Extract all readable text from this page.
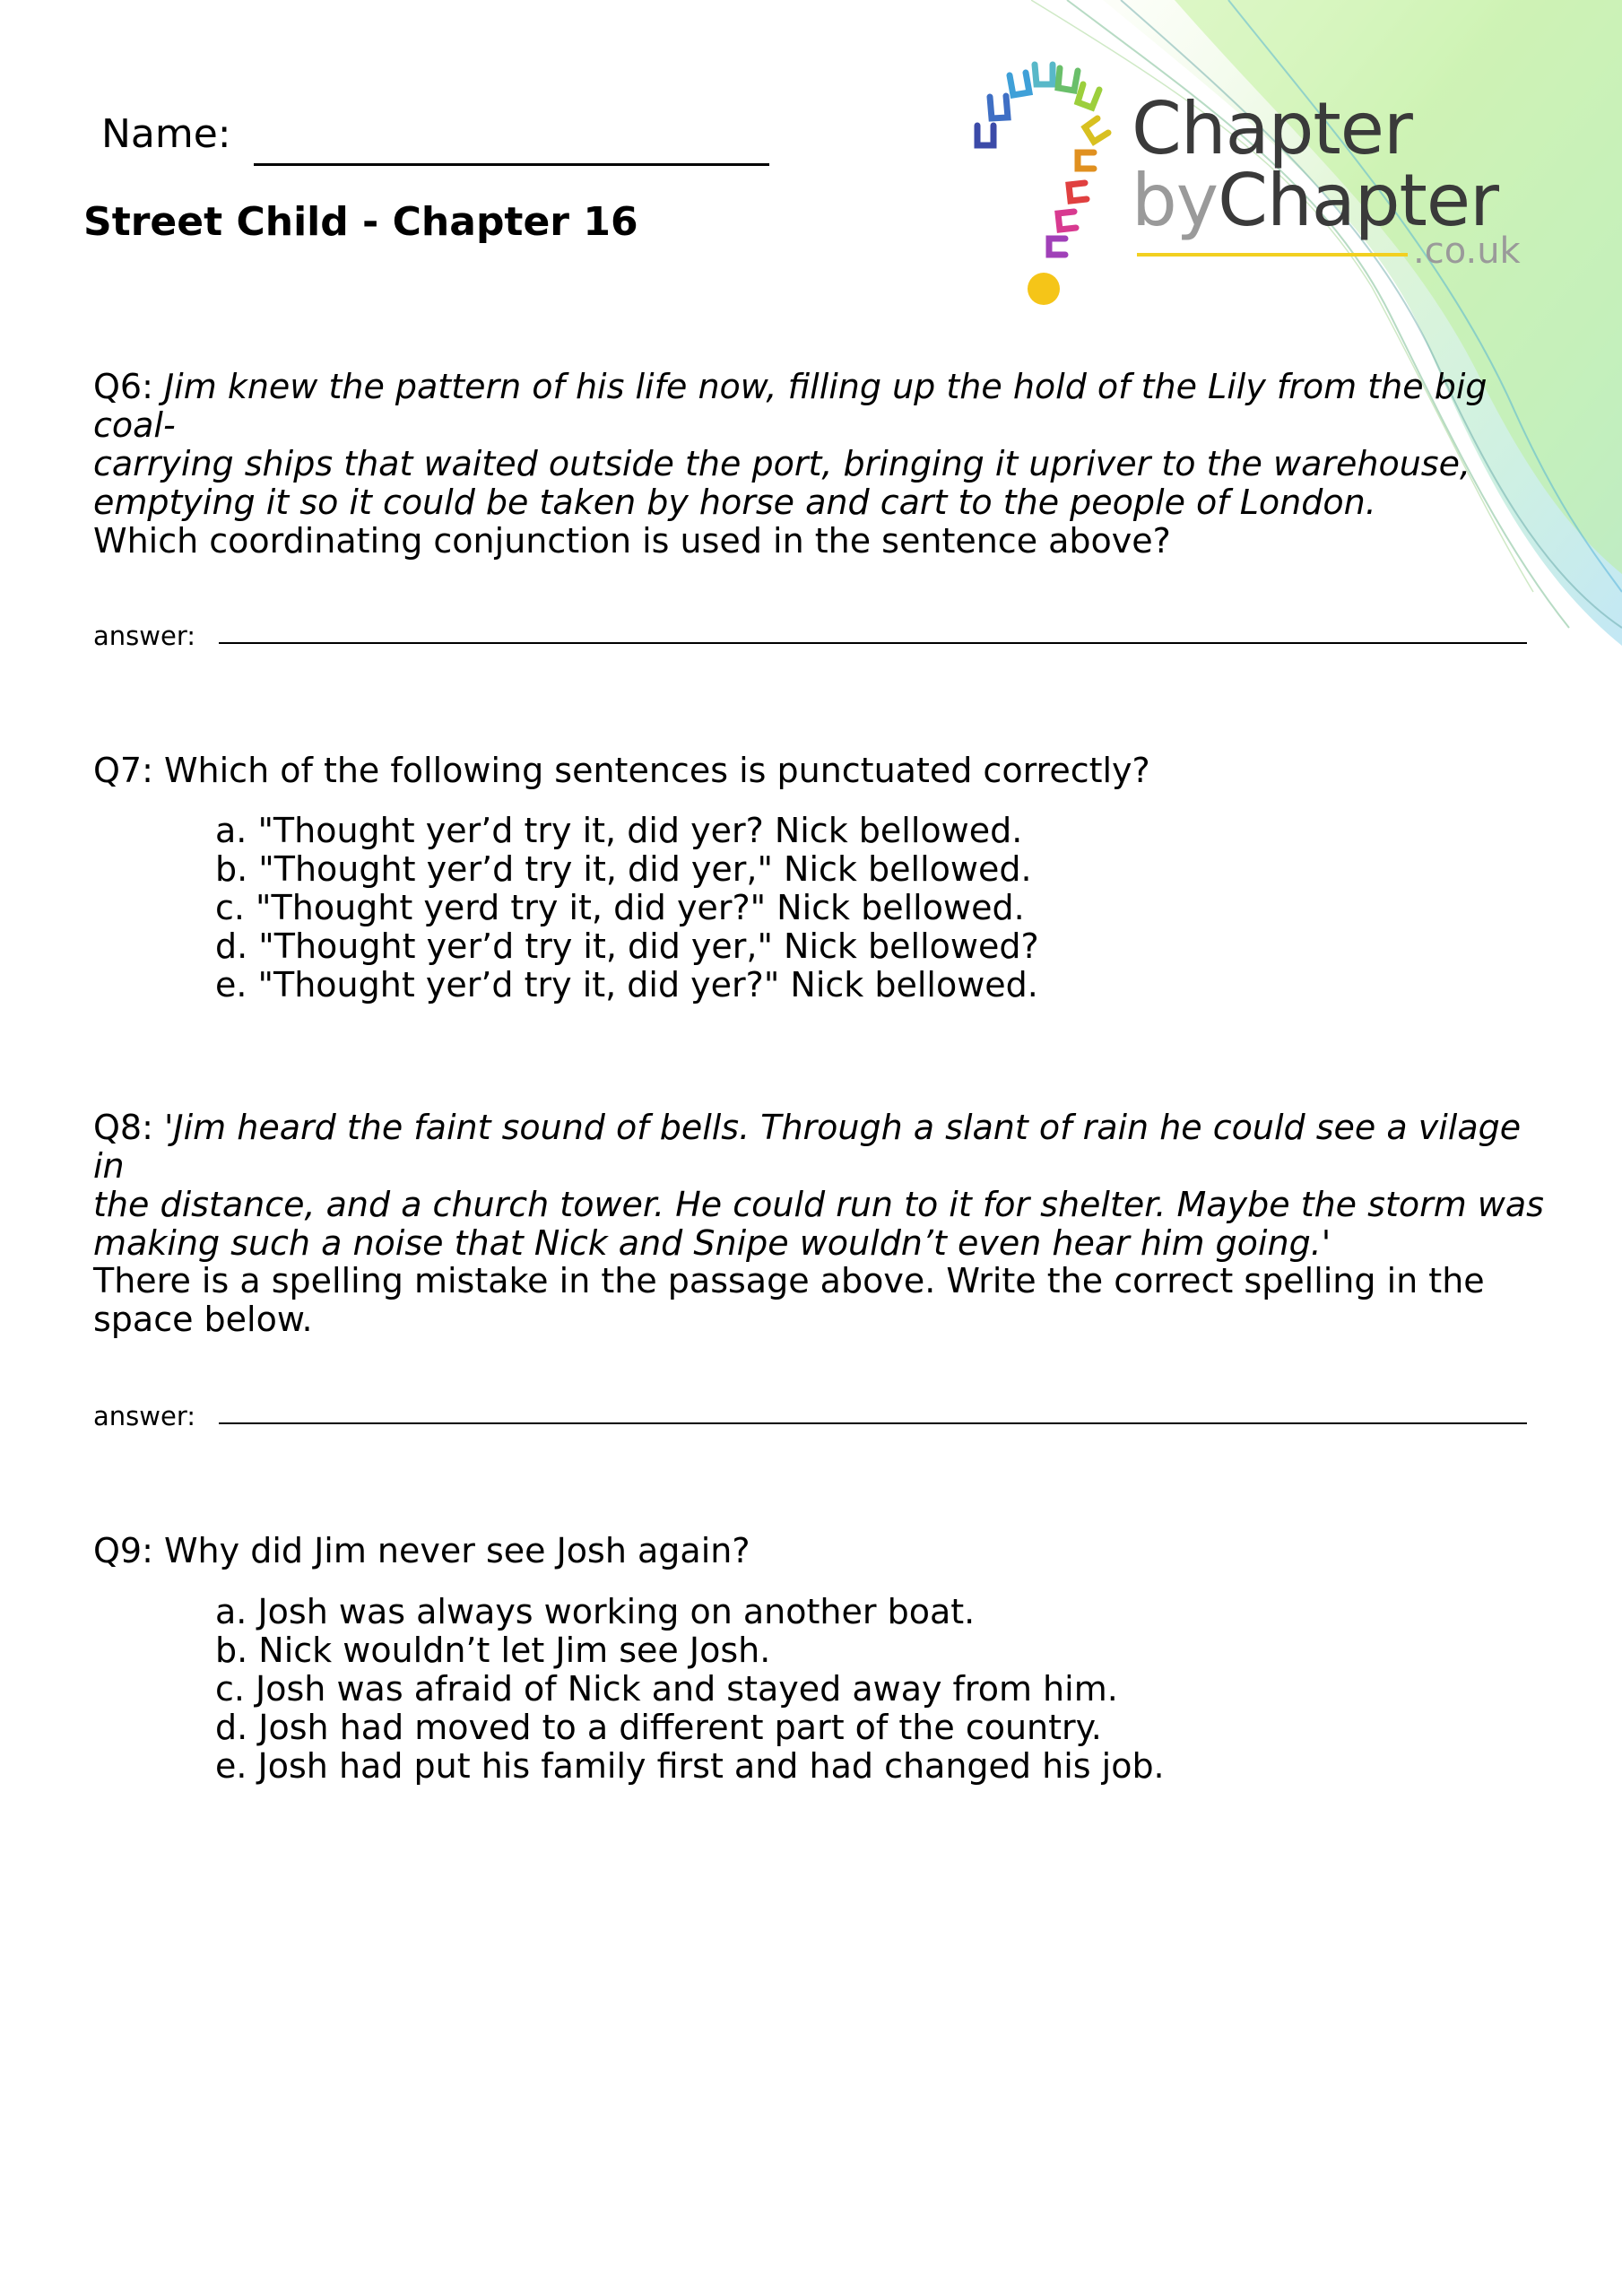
Name:
Street Child - Chapter 16
Chapter
byChapter
.co.uk
Q6: Jim knew the pattern of his life now, filling up the hold of the Lily from the big coal-
carrying ships that waited outside the port, bringing it upriver to the warehouse,
emptying it so it could be taken by horse and cart to the people of London.
Which coordinating conjunction is used in the sentence above?
answer:
Q7: Which of the following sentences is punctuated correctly?
a. "Thought yer’d try it, did yer? Nick bellowed.
b. "Thought yer’d try it, did yer," Nick bellowed.
c. "Thought yerd try it, did yer?" Nick bellowed.
d. "Thought yer’d try it, did yer," Nick bellowed?
e. "Thought yer’d try it, did yer?" Nick bellowed.
Q8: 'Jim heard the faint sound of bells. Through a slant of rain he could see a vilage in
the distance, and a church tower. He could run to it for shelter. Maybe the storm was
making such a noise that Nick and Snipe wouldn’t even hear him going.'
There is a spelling mistake in the passage above. Write the correct spelling in the
space below.
answer:
Q9: Why did Jim never see Josh again?
a. Josh was always working on another boat.
b. Nick wouldn’t let Jim see Josh.
c. Josh was afraid of Nick and stayed away from him.
d. Josh had moved to a different part of the country.
e. Josh had put his family first and had changed his job.
